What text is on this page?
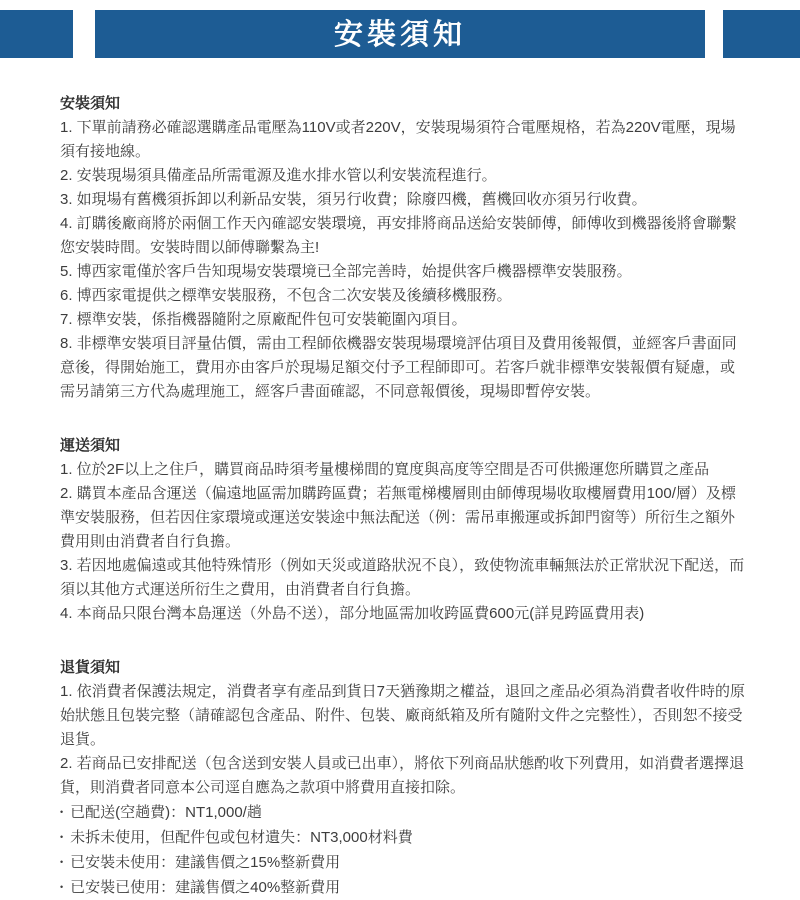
安裝須知

安裝須知

1. 下單前請務必確認選購產品電壓為110V或者220V，安裝現場須符合電壓規格，若為220V電壓，現場須有接地線。

2. 安裝現場須具備產品所需電源及進水排水管以利安裝流程進行。

3. 如現場有舊機須拆卸以利新品安裝，須另行收費；除廢四機，舊機回收亦須另行收費。

4. 訂購後廠商將於兩個工作天內確認安裝環境，再安排將商品送給安裝師傅，師傅收到機器後將會聯繫您安裝時間。安裝時間以師傅聯繫為主!

5. 博西家電僅於客戶告知現場安裝環境已全部完善時，始提供客戶機器標準安裝服務。

6. 博西家電提供之標準安裝服務，不包含二次安裝及後續移機服務。

7. 標準安裝，係指機器隨附之原廠配件包可安裝範圍內項目。

8. 非標準安裝項目評量估價，需由工程師依機器安裝現場環境評估項目及費用後報價，並經客戶書面同意後，得開始施工，費用亦由客戶於現場足額交付予工程師即可。若客戶就非標準安裝報價有疑慮，或需另請第三方代為處理施工，經客戶書面確認，不同意報價後，現場即暫停安裝。

運送須知

1. 位於2F以上之住戶，購買商品時須考量樓梯間的寬度與高度等空間是否可供搬運您所購買之產品

2. 購買本產品含運送（偏遠地區需加購跨區費；若無電梯樓層則由師傅現場收取樓層費用100/層）及標準安裝服務，但若因住家環境或運送安裝途中無法配送（例：需吊車搬運或拆卸門窗等）所衍生之額外費用則由消費者自行負擔。

3. 若因地處偏遠或其他特殊情形（例如天災或道路狀況不良），致使物流車輛無法於正常狀況下配送，而須以其他方式運送所衍生之費用，由消費者自行負擔。

4. 本商品只限台灣本島運送（外島不送），部分地區需加收跨區費600元(詳見跨區費用表)

退貨須知

1. 依消費者保護法規定，消費者享有產品到貨日7天猶豫期之權益，退回之產品必須為消費者收件時的原始狀態且包裝完整（請確認包含產品、附件、包裝、廠商紙箱及所有隨附文件之完整性），否則恕不接受退貨。

2. 若商品已安排配送（包含送到安裝人員或已出車），將依下列商品狀態酌收下列費用，如消費者選擇退貨，則消費者同意本公司逕自應為之款項中將費用直接扣除。

• 已配送(空趟費)：NT1,000/趟

• 未拆未使用，但配件包或包材遺失：NT3,000材料費

• 已安裝未使用：建議售價之15%整新費用

• 已安裝已使用：建議售價之40%整新費用
